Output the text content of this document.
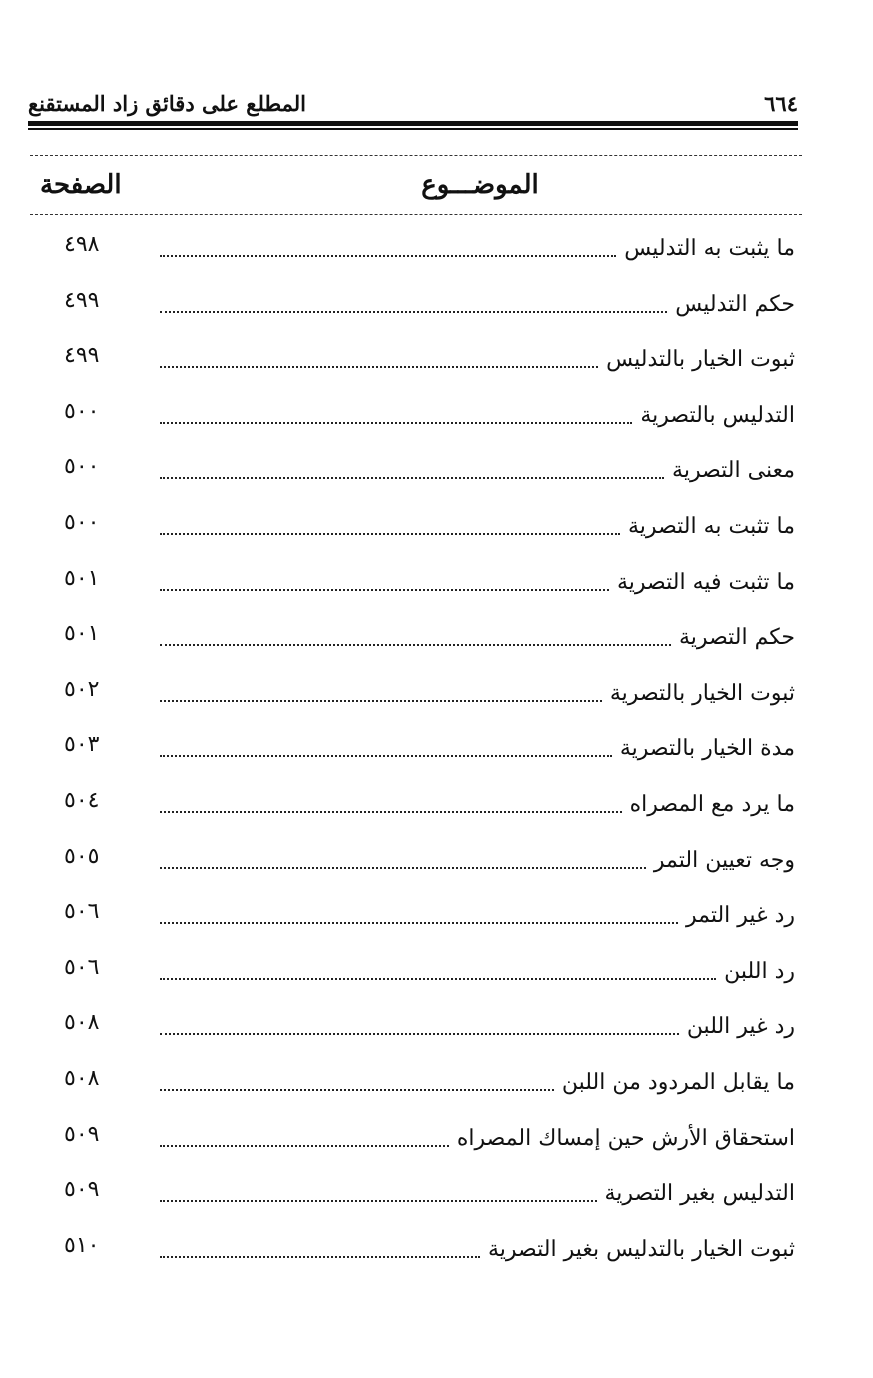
٦٦٤
المطلع على دقائق زاد المستقنع
الموضـــوع
الصفحة
ما يثبت به التدليس
٤٩٨
حكم التدليس
٤٩٩
ثبوت الخيار بالتدليس
٤٩٩
التدليس بالتصرية
٥٠٠
معنى التصرية
٥٠٠
ما تثبت به التصرية
٥٠٠
ما تثبت فيه التصرية
٥٠١
حكم التصرية
٥٠١
ثبوت الخيار بالتصرية
٥٠٢
مدة الخيار بالتصرية
٥٠٣
ما يرد مع المصراه
٥٠٤
وجه تعيين التمر
٥٠٥
رد غير التمر
٥٠٦
رد اللبن
٥٠٦
رد غير اللبن
٥٠٨
ما يقابل المردود من اللبن
٥٠٨
استحقاق الأرش حين إمساك المصراه
٥٠٩
التدليس بغير التصرية
٥٠٩
ثبوت الخيار بالتدليس بغير التصرية
٥١٠
